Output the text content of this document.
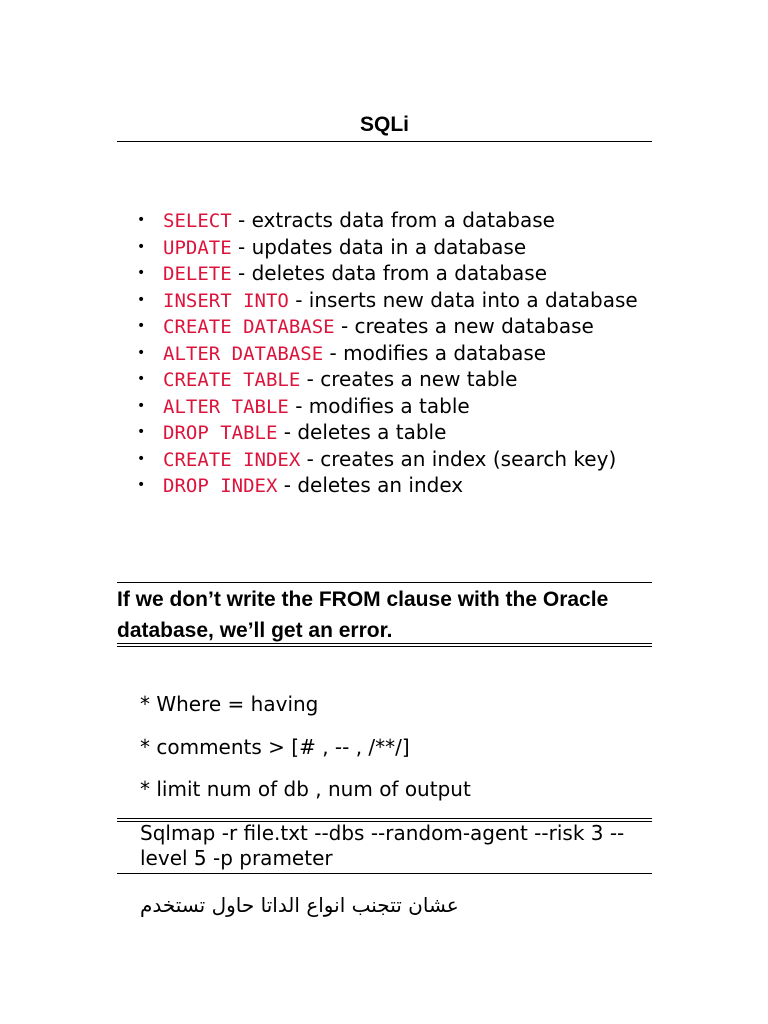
SQLi
• SELECT - extracts data from a database
• UPDATE - updates data in a database
• DELETE - deletes data from a database
• INSERT INTO - inserts new data into a database
• CREATE DATABASE - creates a new database
• ALTER DATABASE - modifies a database
• CREATE TABLE - creates a new table
• ALTER TABLE - modifies a table
• DROP TABLE - deletes a table
• CREATE INDEX - creates an index (search key)
• DROP INDEX - deletes an index
If we don’t write the FROM clause with the Oracle database, we’ll get an error.
* Where = having
* comments > [# , -- , /**/]
* limit num of db , num of output
Sqlmap -r file.txt --dbs --random-agent --risk 3 --level 5 -p prameter
عشان تتجنب انواع الداتا حاول تستخدم
